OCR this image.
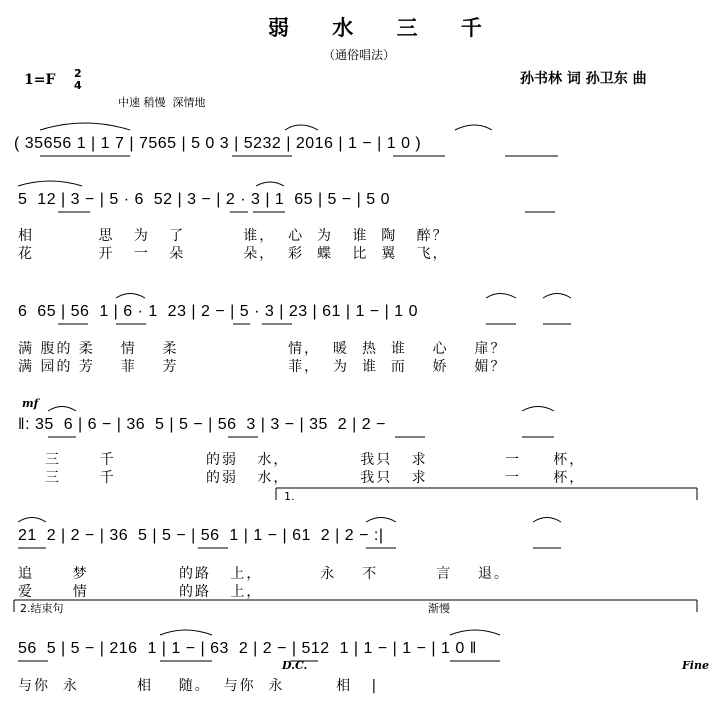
弱 水 三 千
（通俗唱法）
1=F 2
4	孙书林 词 孙卫东 曲
中速 稍慢  深情地
( 35656 1 | 1 7 | 7565 | 5 0 3 | 5232 | 2016 | 1 − | 1 0 )
5  12 | 3 − | 5 · 6  52 | 3 − | 2 · 3 | 1  65 | 5 − | 5 0
6  65 | 56  1 | 6 · 1  23 | 2 − | 5 · 3 | 23 | 61 | 1 − | 1 0
‖: 35  6 | 6 − | 36  5 | 5 − | 56  3 | 3 − | 35  2 | 2 −
21  2 | 2 − | 36  5 | 5 − | 56  1 | 1 − | 61  2 | 2 − :|
56  5 | 5 − | 216  1 | 1 − | 63  2 | 2 − | 512  1 | 1 − | 1 − | 1 0 ‖
相          思   为   了         谁，  心  为   谁  陶   醉？
花          开   一   朵         朵，  彩  蝶   比  翼   飞，
满 腹的 柔    情    柔                 情，  暖  热  谁    心    扉？
满 园的 芳    菲    芳                 菲，  为  谁  而    娇    媚？
三      千              的弱   水，           我只   求            一     杯，
三      千              的弱   水，           我只   求            一     杯，
追      梦              的路   上，         永    不         言    退。
爱      情              的路   上，
与你  永         相    随。  与你  永        相   |
mf
1.
2.结束句	渐慢
D.C.	Fine
